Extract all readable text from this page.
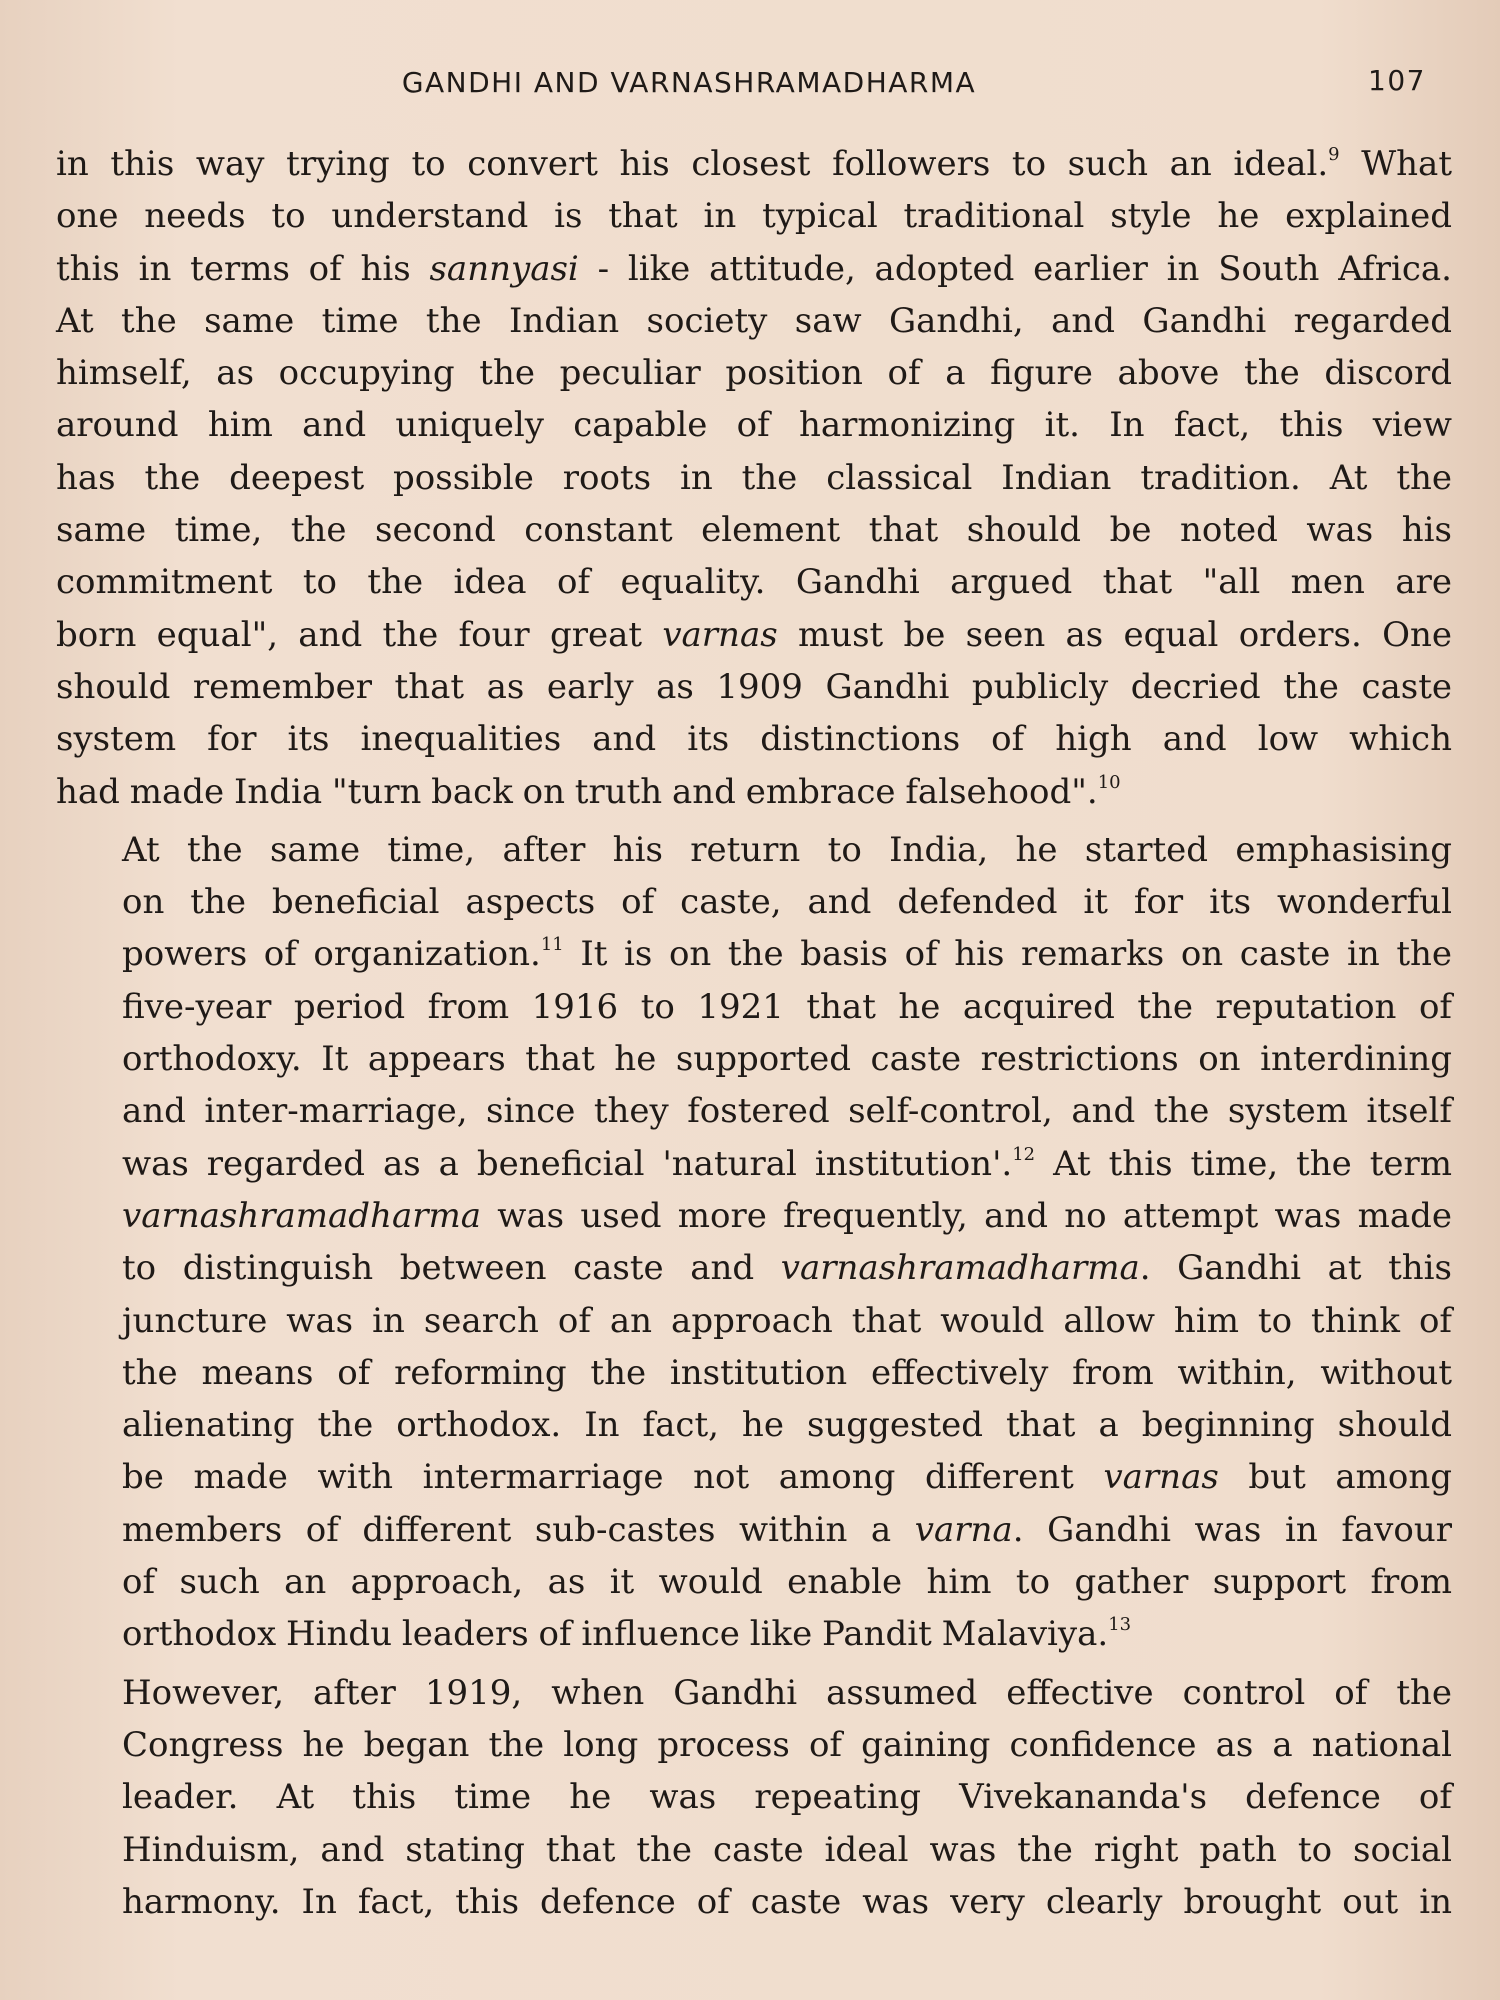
GANDHI AND VARNASHRAMADHARMA	107

in this way trying to convert his closest followers to such an ideal.$^9$ What
one needs to understand is that in typical traditional style he explained
this in terms of his sannyasi - like attitude, adopted earlier in South Africa.
At the same time the Indian society saw Gandhi, and Gandhi regarded
himself, as occupying the peculiar position of a figure above the discord
around him and uniquely capable of harmonizing it. In fact, this view
has the deepest possible roots in the classical Indian tradition. At the
same time, the second constant element that should be noted was his
commitment to the idea of equality. Gandhi argued that "all men are
born equal", and the four great varnas must be seen as equal orders. One
should remember that as early as 1909 Gandhi publicly decried the caste
system for its inequalities and its distinctions of high and low which
had made India "turn back on truth and embrace falsehood".$^{10}$

At the same time, after his return to India, he started emphasising
on the beneficial aspects of caste, and defended it for its wonderful
powers of organization.$^{11}$ It is on the basis of his remarks on caste in the
five-year period from 1916 to 1921 that he acquired the reputation of
orthodoxy. It appears that he supported caste restrictions on interdining
and inter-marriage, since they fostered self-control, and the system itself
was regarded as a beneficial 'natural institution'.$^{12}$ At this time, the term
varnashramadharma was used more frequently, and no attempt was made
to distinguish between caste and varnashramadharma. Gandhi at this
juncture was in search of an approach that would allow him to think of
the means of reforming the institution effectively from within, without
alienating the orthodox. In fact, he suggested that a beginning should
be made with intermarriage not among different varnas but among
members of different sub-castes within a varna. Gandhi was in favour
of such an approach, as it would enable him to gather support from
orthodox Hindu leaders of influence like Pandit Malaviya.$^{13}$

However, after 1919, when Gandhi assumed effective control of the
Congress he began the long process of gaining confidence as a national
leader. At this time he was repeating Vivekananda's defence of
Hinduism, and stating that the caste ideal was the right path to social
harmony. In fact, this defence of caste was very clearly brought out in
